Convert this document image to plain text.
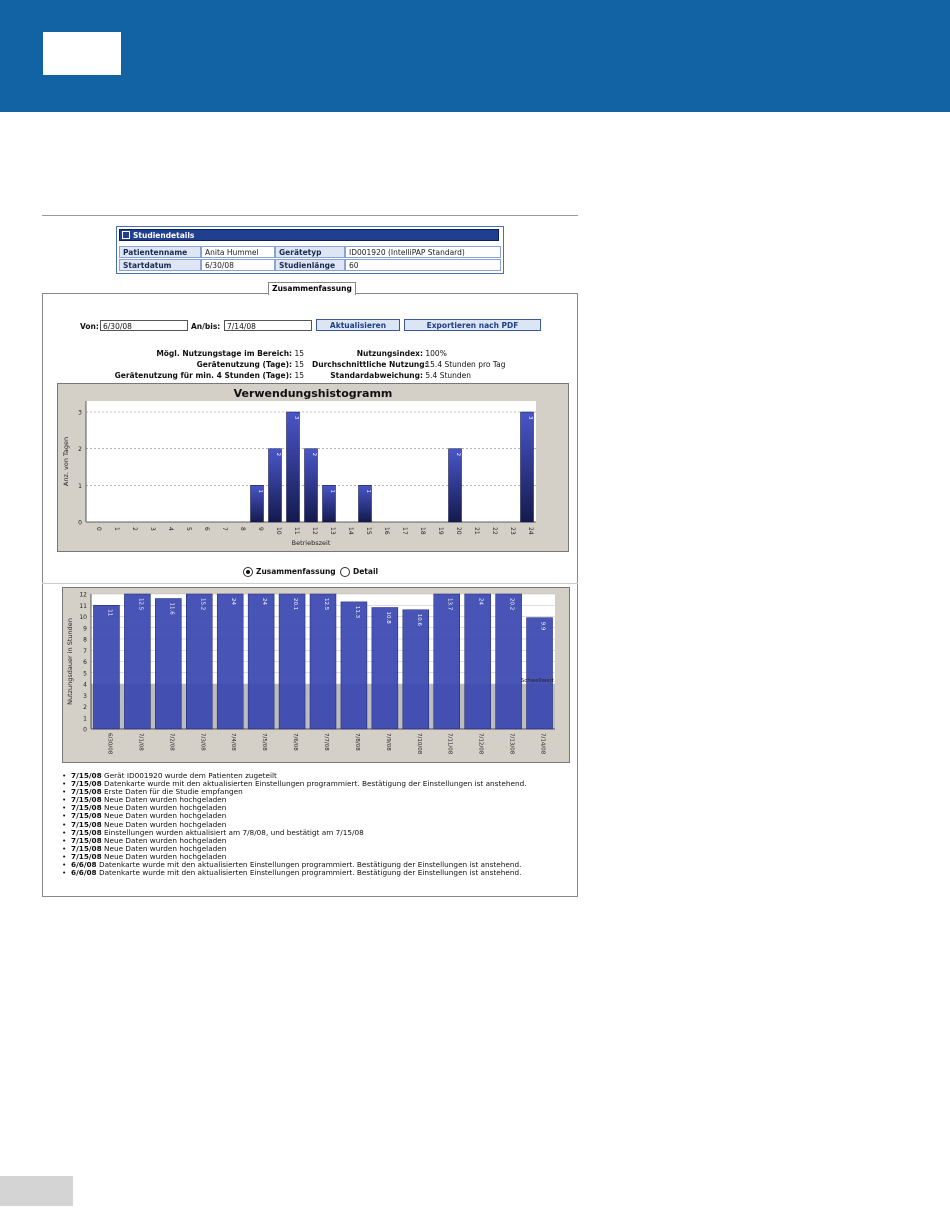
Studiendetails
Patientenname	Anita Hummel	Gerätetyp	ID001920 (IntelliPAP Standard)
Startdatum	6/30/08	Studienlänge	60
Zusammenfassung
Von: 6/30/08	An/bis: 7/14/08	Aktualisieren	Exportieren nach PDF
Mögl. Nutzungstage im Bereich: 15
Gerätenutzung (Tage): 15
Gerätenutzung für min. 4 Stunden (Tage): 15
Nutzungsindex: 100%
Durchschnittliche Nutzung: 15.4 Stunden pro Tag
Standardabweichung: 5.4 Stunden
Verwendungshistogramm
0
1
2
3
0 1 2 3 4 5 6 7 8
1
9
2
10
3
11
2
12
1
13 14
1
15 16 17 18 19
2
20 21 22 23
3
24
Betriebszeit
Anz. von Tagen
Zusammenfassung Detail
0
1
2
3
4
5
6
7
8
9
10
11
12
11
6/30/08
12.5
7/1/08
11.6
7/2/08
15.2
7/3/08
24
7/4/08
24
7/5/08
20.1
7/6/08
12.5
7/7/08
11.3
7/8/08
10.8
7/9/08
10.6
7/10/08
13.7
7/11/08
24
7/12/08
20.2
7/13/08
9.9
7/14/08
Schwellwert
Nutzungsdauer in Stunden
• 7/15/08 Gerät ID001920 wurde dem Patienten zugeteilt
• 7/15/08 Datenkarte wurde mit den aktualisierten Einstellungen programmiert. Bestätigung der Einstellungen ist anstehend.
• 7/15/08 Erste Daten für die Studie empfangen
• 7/15/08 Neue Daten wurden hochgeladen
• 7/15/08 Neue Daten wurden hochgeladen
• 7/15/08 Neue Daten wurden hochgeladen
• 7/15/08 Neue Daten wurden hochgeladen
• 7/15/08 Einstellungen wurden aktualisiert am 7/8/08, und bestätigt am 7/15/08
• 7/15/08 Neue Daten wurden hochgeladen
• 7/15/08 Neue Daten wurden hochgeladen
• 7/15/08 Neue Daten wurden hochgeladen
• 6/6/08 Datenkarte wurde mit den aktualisierten Einstellungen programmiert. Bestätigung der Einstellungen ist anstehend.
• 6/6/08 Datenkarte wurde mit den aktualisierten Einstellungen programmiert. Bestätigung der Einstellungen ist anstehend.
